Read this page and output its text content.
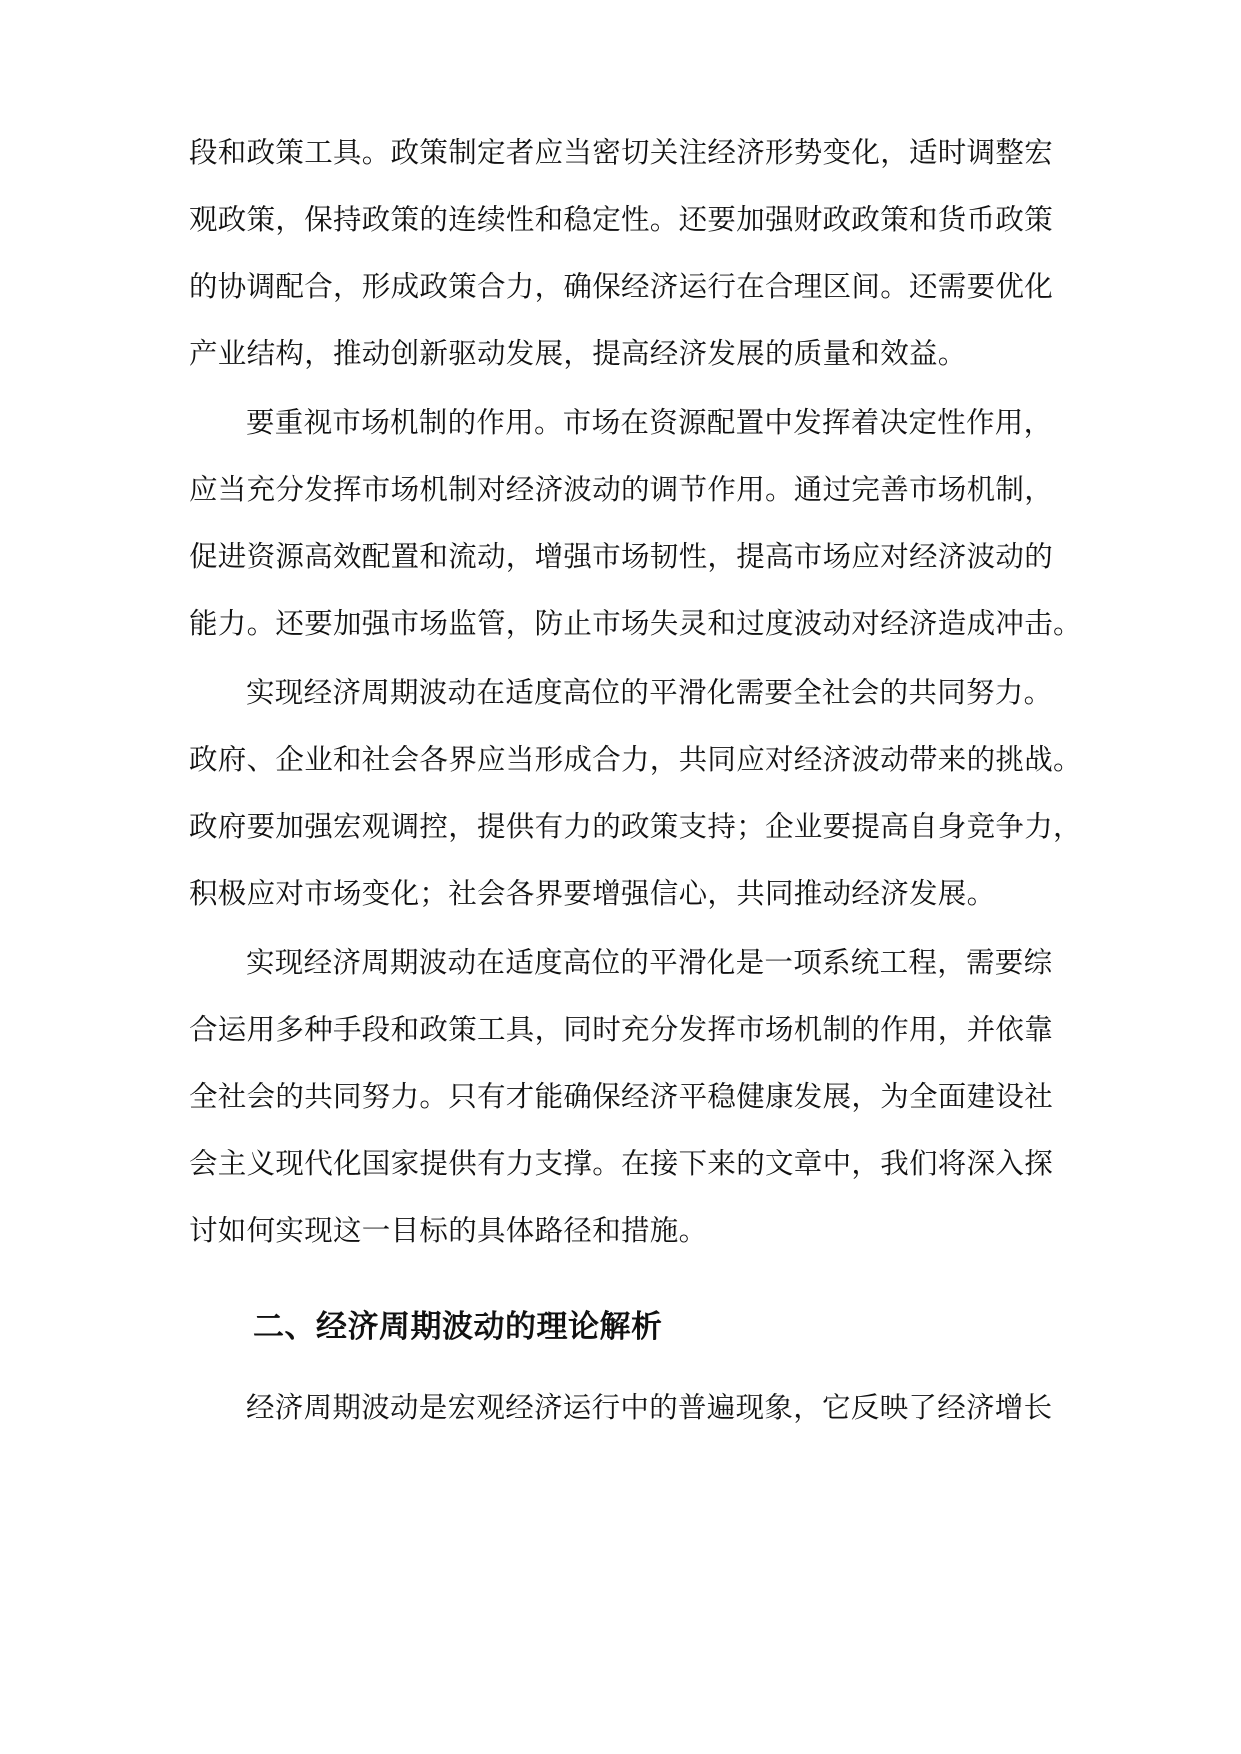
段和政策工具。政策制定者应当密切关注经济形势变化，适时调整宏
观政策，保持政策的连续性和稳定性。还要加强财政政策和货币政策
的协调配合，形成政策合力，确保经济运行在合理区间。还需要优化
产业结构，推动创新驱动发展，提高经济发展的质量和效益。
要重视市场机制的作用。市场在资源配置中发挥着决定性作用，
应当充分发挥市场机制对经济波动的调节作用。通过完善市场机制，
促进资源高效配置和流动，增强市场韧性，提高市场应对经济波动的
能力。还要加强市场监管，防止市场失灵和过度波动对经济造成冲击。
实现经济周期波动在适度高位的平滑化需要全社会的共同努力。
政府、企业和社会各界应当形成合力，共同应对经济波动带来的挑战。
政府要加强宏观调控，提供有力的政策支持；企业要提高自身竞争力，
积极应对市场变化；社会各界要增强信心，共同推动经济发展。
实现经济周期波动在适度高位的平滑化是一项系统工程，需要综
合运用多种手段和政策工具，同时充分发挥市场机制的作用，并依靠
全社会的共同努力。只有才能确保经济平稳健康发展，为全面建设社
会主义现代化国家提供有力支撑。在接下来的文章中，我们将深入探
讨如何实现这一目标的具体路径和措施。
二、经济周期波动的理论解析
经济周期波动是宏观经济运行中的普遍现象，它反映了经济增长
